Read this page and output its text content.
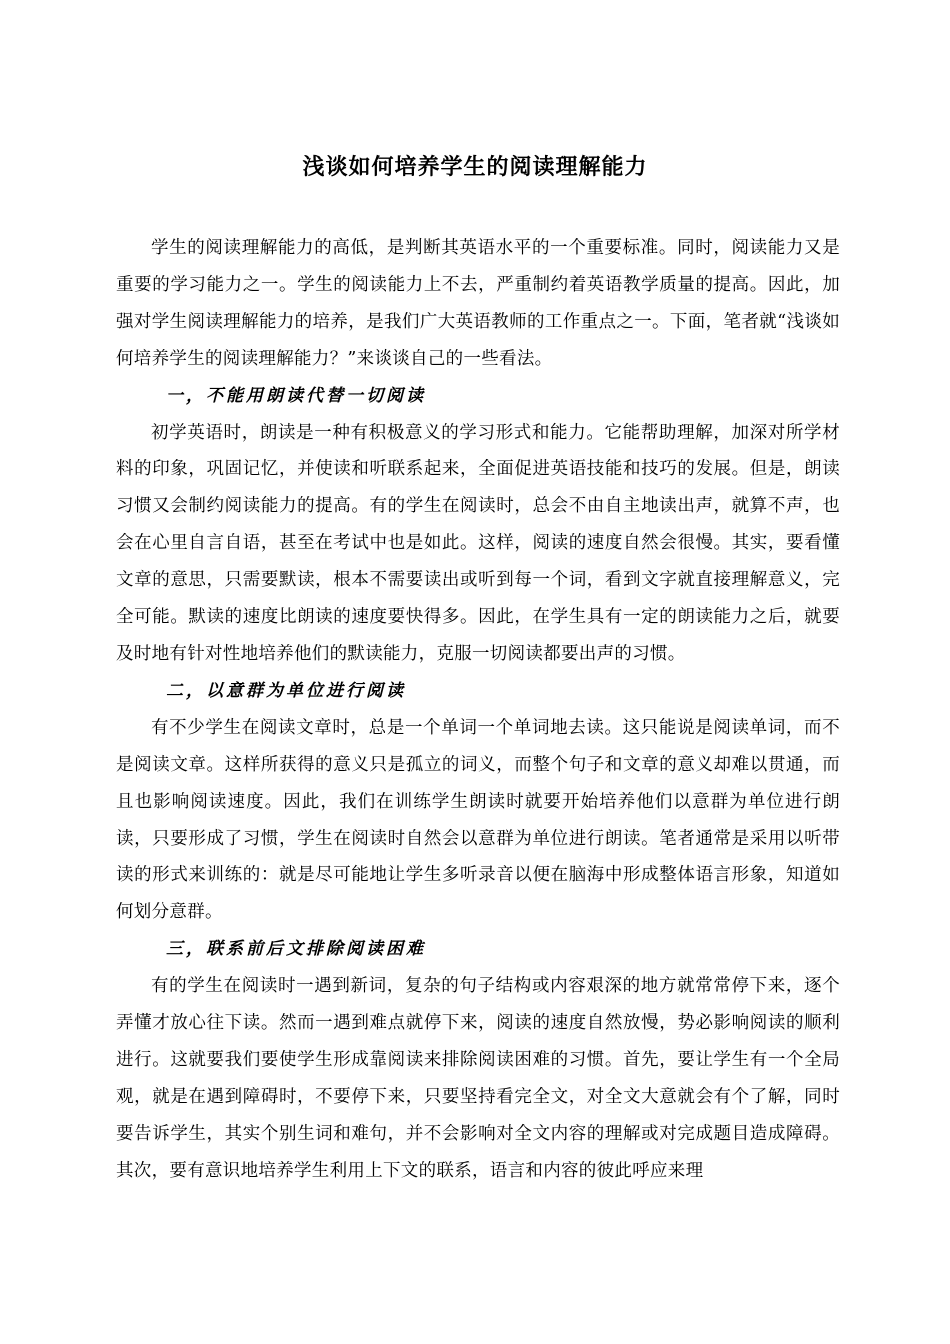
浅谈如何培养学生的阅读理解能力

学生的阅读理解能力的高低，是判断其英语水平的一个重要标准。同时，阅读能力又是重要的学习能力之一。学生的阅读能力上不去，严重制约着英语教学质量的提高。因此，加强对学生阅读理解能力的培养，是我们广大英语教师的工作重点之一。下面，笔者就“浅谈如何培养学生的阅读理解能力？”来谈谈自己的一些看法。

一，不能用朗读代替一切阅读

初学英语时，朗读是一种有积极意义的学习形式和能力。它能帮助理解，加深对所学材料的印象，巩固记忆，并使读和听联系起来，全面促进英语技能和技巧的发展。但是，朗读习惯又会制约阅读能力的提高。有的学生在阅读时，总会不由自主地读出声，就算不声，也会在心里自言自语，甚至在考试中也是如此。这样，阅读的速度自然会很慢。其实，要看懂文章的意思，只需要默读，根本不需要读出或听到每一个词，看到文字就直接理解意义，完全可能。默读的速度比朗读的速度要快得多。因此，在学生具有一定的朗读能力之后，就要及时地有针对性地培养他们的默读能力，克服一切阅读都要出声的习惯。

二，以意群为单位进行阅读

有不少学生在阅读文章时，总是一个单词一个单词地去读。这只能说是阅读单词，而不是阅读文章。这样所获得的意义只是孤立的词义，而整个句子和文章的意义却难以贯通，而且也影响阅读速度。因此，我们在训练学生朗读时就要开始培养他们以意群为单位进行朗读，只要形成了习惯，学生在阅读时自然会以意群为单位进行朗读。笔者通常是采用以听带读的形式来训练的：就是尽可能地让学生多听录音以便在脑海中形成整体语言形象，知道如何划分意群。

三，联系前后文排除阅读困难

有的学生在阅读时一遇到新词，复杂的句子结构或内容艰深的地方就常常停下来，逐个弄懂才放心往下读。然而一遇到难点就停下来，阅读的速度自然放慢，势必影响阅读的顺利进行。这就要我们要使学生形成靠阅读来排除阅读困难的习惯。首先，要让学生有一个全局观，就是在遇到障碍时，不要停下来，只要坚持看完全文，对全文大意就会有个了解，同时要告诉学生，其实个别生词和难句，并不会影响对全文内容的理解或对完成题目造成障碍。其次，要有意识地培养学生利用上下文的联系，语言和内容的彼此呼应来理
